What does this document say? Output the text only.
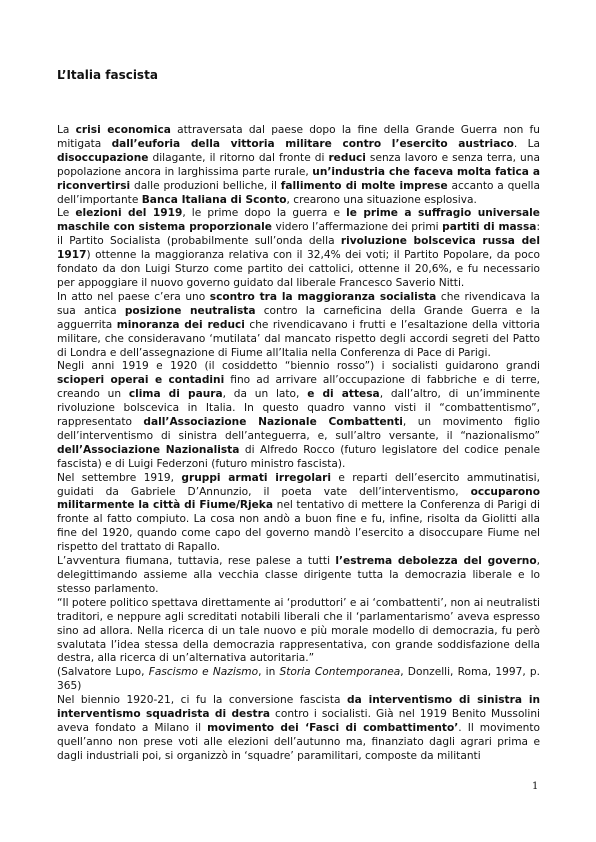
L’Italia fascista

La crisi economica attraversata dal paese dopo la fine della Grande Guerra non fu mitigata dall’euforia della vittoria militare contro l’esercito austriaco. La disoccupazione dilagante, il ritorno dal fronte di reduci senza lavoro e senza terra, una popolazione ancora in larghissima parte rurale, un’industria che faceva molta fatica a riconvertirsi dalle produzioni belliche, il fallimento di molte imprese accanto a quella dell’importante Banca Italiana di Sconto, crearono una situazione esplosiva.

Le elezioni del 1919, le prime dopo la guerra e le prime a suffragio universale maschile con sistema proporzionale videro l’affermazione dei primi partiti di massa: il Partito Socialista (probabilmente sull’onda della rivoluzione bolscevica russa del 1917) ottenne la maggioranza relativa con il 32,4% dei voti; il Partito Popolare, da poco fondato da don Luigi Sturzo come partito dei cattolici, ottenne il 20,6%, e fu necessario per appoggiare il nuovo governo guidato dal liberale Francesco Saverio Nitti.

In atto nel paese c’era uno scontro tra la maggioranza socialista che rivendicava la sua antica posizione neutralista contro la carneficina della Grande Guerra e la agguerrita minoranza dei reduci che rivendicavano i frutti e l’esaltazione della vittoria militare, che consideravano ‘mutilata’ dal mancato rispetto degli accordi segreti del Patto di Londra e dell’assegnazione di Fiume all’Italia nella Conferenza di Pace di Parigi.

Negli anni 1919 e 1920 (il cosiddetto “biennio rosso”) i socialisti guidarono grandi scioperi operai e contadini fino ad arrivare all’occupazione di fabbriche e di terre, creando un clima di paura, da un lato, e di attesa, dall’altro, di un’imminente rivoluzione bolscevica in Italia. In questo quadro vanno visti il “combattentismo”, rappresentato dall’Associazione Nazionale Combattenti, un movimento figlio dell’interventismo di sinistra dell’anteguerra, e, sull’altro versante, il “nazionalismo” dell’Associazione Nazionalista di Alfredo Rocco (futuro legislatore del codice penale fascista) e di Luigi Federzoni (futuro ministro fascista).

Nel settembre 1919, gruppi armati irregolari e reparti dell’esercito ammutinatisi, guidati da Gabriele D’Annunzio, il poeta vate dell’interventismo, occuparono militarmente la città di Fiume/Rjeka nel tentativo di mettere la Conferenza di Parigi di fronte al fatto compiuto. La cosa non andò a buon fine e fu, infine, risolta da Giolitti alla fine del 1920, quando come capo del governo mandò l’esercito a disoccupare Fiume nel rispetto del trattato di Rapallo.

L’avventura fiumana, tuttavia, rese palese a tutti l’estrema debolezza del governo, delegittimando assieme alla vecchia classe dirigente tutta la democrazia liberale e lo stesso parlamento.

“Il potere politico spettava direttamente ai ‘produttori’ e ai ‘combattenti’, non ai neutralisti traditori, e neppure agli screditati notabili liberali che il ‘parlamentarismo’ aveva espresso sino ad allora. Nella ricerca di un tale nuovo e più morale modello di democrazia, fu però svalutata l’idea stessa della democrazia rappresentativa, con grande soddisfazione della destra, alla ricerca di un’alternativa autoritaria.”

(Salvatore Lupo, Fascismo e Nazismo, in Storia Contemporanea, Donzelli, Roma, 1997, p. 365)

Nel biennio 1920-21, ci fu la conversione fascista da interventismo di sinistra in interventismo squadrista di destra contro i socialisti. Già nel 1919 Benito Mussolini aveva fondato a Milano il movimento dei ‘Fasci di combattimento’. Il movimento quell’anno non prese voti alle elezioni dell’autunno ma, finanziato dagli agrari prima e dagli industriali poi, si organizzò in ‘squadre’ paramilitari, composte da militanti

1
